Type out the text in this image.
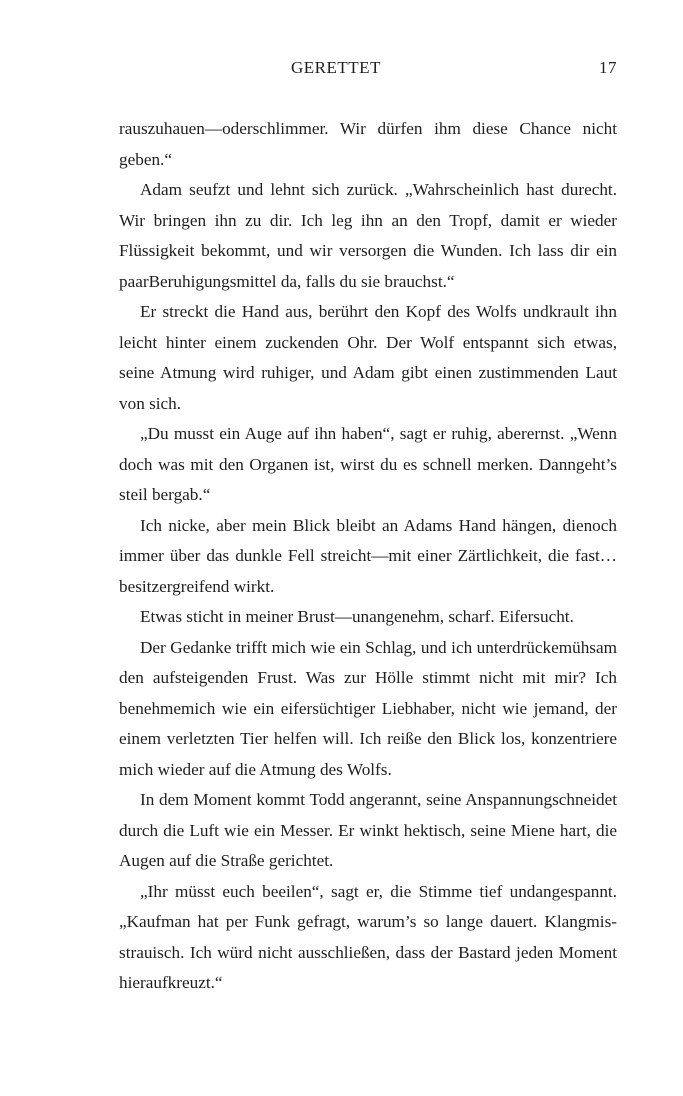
GERETTET	17

rauszuhauen—oderschlimmer. Wir dürfen ihm diese Chance nicht geben.“

Adam seufzt und lehnt sich zurück. „Wahrscheinlich hast durecht. Wir bringen ihn zu dir. Ich leg ihn an den Tropf, damit er wieder Flüssigkeit bekommt, und wir versorgen die Wunden. Ich lass dir ein paarBeruhigungsmittel da, falls du sie brauchst.“

Er streckt die Hand aus, berührt den Kopf des Wolfs undkrault ihn leicht hinter einem zuckenden Ohr. Der Wolf entspannt sich etwas, seine Atmung wird ruhiger, und Adam gibt einen zustimmenden Laut von sich.

„Du musst ein Auge auf ihn haben“, sagt er ruhig, aberernst. „Wenn doch was mit den Organen ist, wirst du es schnell merken. Danngeht’s steil bergab.“

Ich nicke, aber mein Blick bleibt an Adams Hand hängen, dienoch immer über das dunkle Fell streicht—mit einer Zärtlichkeit, die fast…besitzergreifend wirkt.

Etwas sticht in meiner Brust—unangenehm, scharf. Eifersucht.

Der Gedanke trifft mich wie ein Schlag, und ich unterdrückemühsam den aufsteigenden Frust. Was zur Hölle stimmt nicht mit mir? Ich benehmemich wie ein eifersüchtiger Liebhaber, nicht wie jemand, der einem verletzten Tier helfen will. Ich reiße den Blick los, konzentriere mich wieder auf die Atmung des Wolfs.

In dem Moment kommt Todd angerannt, seine Anspannungschneidet durch die Luft wie ein Messer. Er winkt hektisch, seine Miene hart, die Augen auf die Straße gerichtet.

„Ihr müsst euch beeilen“, sagt er, die Stimme tief undangespannt. „Kaufman hat per Funk gefragt, warum’s so lange dauert. Klangmisstrauisch. Ich würd nicht ausschließen, dass der Bastard jeden Moment hieraufkreuzt.“
